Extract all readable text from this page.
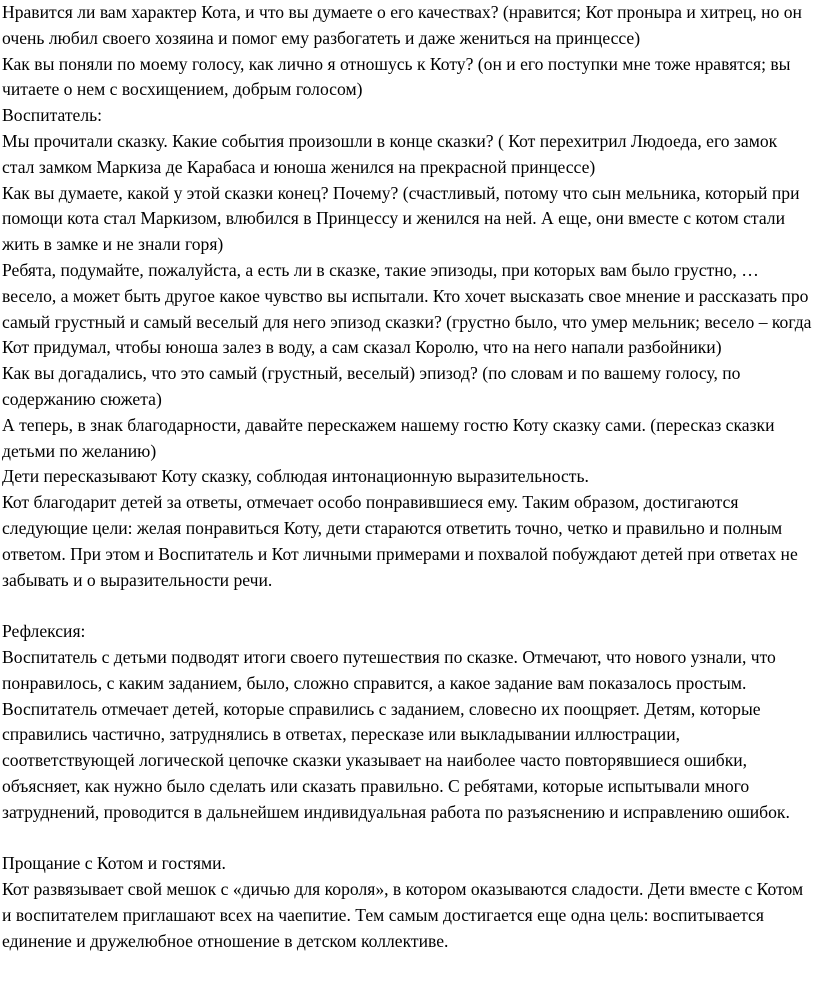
Нравится ли вам характер Кота, и что вы думаете о его качествах? (нравится; Кот проныра и хитрец, но он очень любил своего хозяина и помог ему разбогатеть и даже жениться на принцессе)

Как вы поняли по моему голосу, как лично я отношусь к Коту? (он и его поступки мне тоже нравятся; вы читаете о нем с восхищением, добрым голосом)

Воспитатель:

Мы прочитали сказку. Какие события произошли в конце сказки? ( Кот перехитрил Людоеда, его замок стал замком Маркиза де Карабаса и юноша женился на прекрасной принцессе)

Как вы думаете, какой у этой сказки конец? Почему? (счастливый, потому что сын мельника, который при помощи кота стал Маркизом, влюбился в Принцессу и женился на ней. А еще, они вместе с котом стали жить в замке и не знали горя)

Ребята, подумайте, пожалуйста, а есть ли в сказке, такие эпизоды, при которых вам было грустно, … весело, а может быть другое какое чувство вы испытали. Кто хочет высказать свое мнение и рассказать про самый грустный и самый веселый для него эпизод сказки? (грустно было, что умер мельник; весело – когда Кот придумал, чтобы юноша залез в воду, а сам сказал Королю, что на него напали разбойники)

Как вы догадались, что это самый (грустный, веселый) эпизод? (по словам и по вашему голосу, по содержанию сюжета)

А теперь, в знак благодарности, давайте перескажем нашему гостю Коту сказку сами. (пересказ сказки детьми по желанию)

Дети пересказывают Коту сказку, соблюдая интонационную выразительность.

Кот благодарит детей за ответы, отмечает особо понравившиеся ему. Таким образом, достигаются следующие цели: желая понравиться Коту, дети стараются ответить точно, четко и правильно и полным ответом. При этом и Воспитатель и Кот личными примерами и похвалой побуждают детей при ответах не забывать и о выразительности речи.

Рефлексия:

Воспитатель с детьми подводят итоги своего путешествия по сказке. Отмечают, что нового узнали, что понравилось, с каким заданием, было, сложно справится, а какое задание вам показалось простым. Воспитатель отмечает детей, которые справились с заданием, словесно их поощряет. Детям, которые справились частично, затруднялись в ответах, пересказе или выкладывании иллюстрации, соответствующей логической цепочке сказки указывает на наиболее часто повторявшиеся ошибки, объясняет, как нужно было сделать или сказать правильно. С ребятами, которые испытывали много затруднений, проводится в дальнейшем индивидуальная работа по разъяснению и исправлению ошибок.

Прощание с Котом и гостями.

Кот развязывает свой мешок с «дичью для короля», в котором оказываются сладости. Дети вместе с Котом и воспитателем приглашают всех на чаепитие. Тем самым достигается еще одна цель: воспитывается единение и дружелюбное отношение в детском коллективе.
